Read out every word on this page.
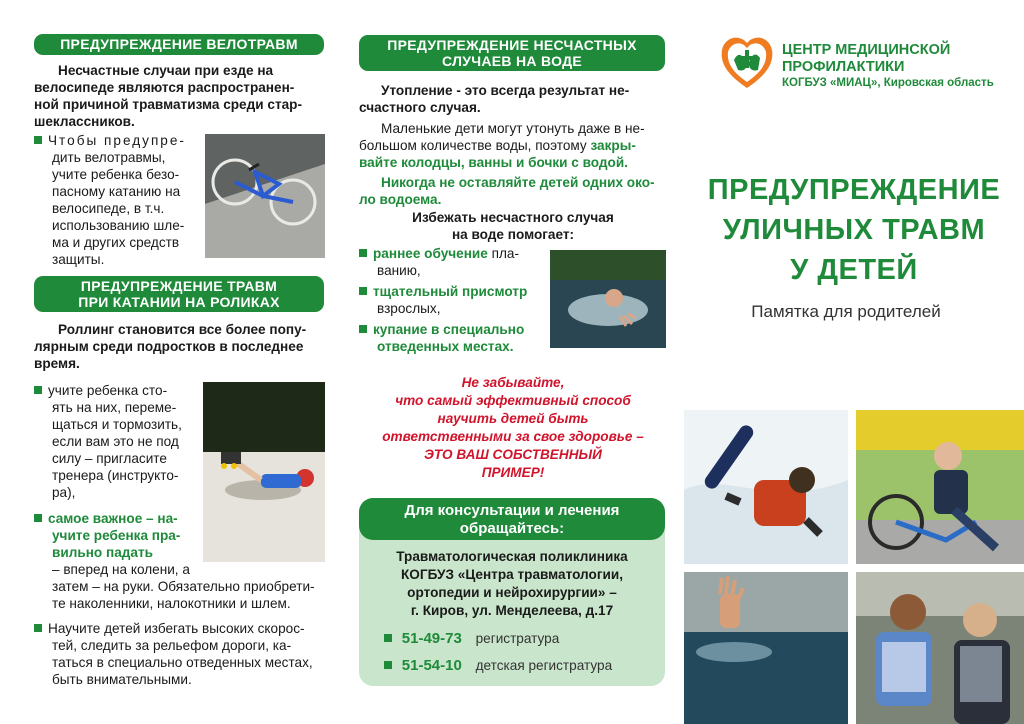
ПРЕДУПРЕЖДЕНИЕ ВЕЛОТРАВМ
Несчастные случаи при езде на
велосипеде являются распространен-
ной причиной травматизма среди стар-
шеклассников.
Чтобы предупре-
дить велотравмы,
учите ребенка безо-
пасному катанию на
велосипеде, в т.ч.
использованию шле-
ма и других средств
защиты.
ПРЕДУПРЕЖДЕНИЕ ТРАВМ
ПРИ КАТАНИИ НА РОЛИКАХ
Роллинг становится все более попу-
лярным среди подростков в последнее
время.
учите ребенка сто-
ять на них, переме-
щаться и тормозить,
если вам это не под
силу – пригласите
тренера (инструкто-
ра),
самое важное – на-
учите ребенка пра-
вильно падать
– вперед на колени, а
затем – на руки. Обязательно приобрети-
те наколенники, налокотники и шлем.
Научите детей избегать высоких скорос-
тей, следить за рельефом дороги, ка-
таться в специально отведенных местах,
быть внимательными.
ПРЕДУПРЕЖДЕНИЕ НЕСЧАСТНЫХ
СЛУЧАЕВ НА ВОДЕ
Утопление - это всегда результат не-
счастного случая.
Маленькие дети могут утонуть даже в не-
большом количестве воды, поэтому закры-
вайте колодцы, ванны и бочки с водой.
Никогда не оставляйте детей одних око-
ло водоема.
Избежать несчастного случая
на воде помогает:
раннее обучение пла-
ванию,
тщательный присмотр
взрослых,
купание в специально
отведенных местах.
Не забывайте,
что самый эффективный способ
научить детей быть
ответственными за свое здоровье –
ЭТО ВАШ СОБСТВЕННЫЙ
ПРИМЕР!
Для консультации и лечения
обращайтесь:
Травматологическая поликлиника
КОГБУЗ «Центра травматологии,
ортопедии и нейрохирургии» –
г. Киров, ул. Менделеева, д.17
51-49-73 регистратура
51-54-10 детская регистратура
ЦЕНТР МЕДИЦИНСКОЙ
ПРОФИЛАКТИКИ
КОГБУЗ «МИАЦ», Кировская область
ПРЕДУПРЕЖДЕНИЕ
УЛИЧНЫХ ТРАВМ
У ДЕТЕЙ
Памятка для родителей
